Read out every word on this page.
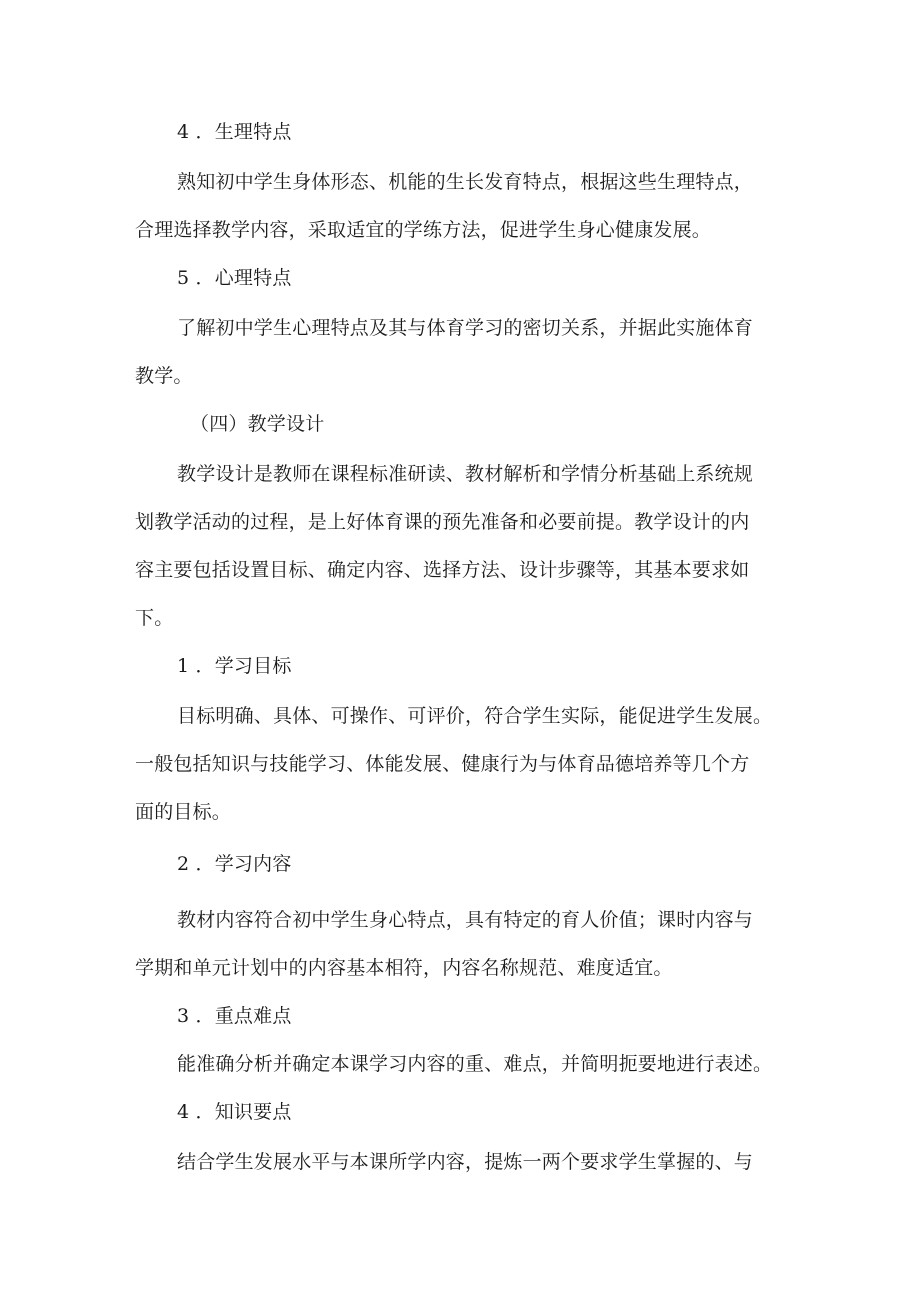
4 ．生理特点
熟知初中学生身体形态、机能的生长发育特点，根据这些生理特点，
合理选择教学内容，采取适宜的学练方法，促进学生身心健康发展。
5 ．心理特点
了解初中学生心理特点及其与体育学习的密切关系，并据此实施体育
教学。
（四）教学设计
教学设计是教师在课程标准研读、教材解析和学情分析基础上系统规
划教学活动的过程，是上好体育课的预先准备和必要前提。教学设计的内
容主要包括设置目标、确定内容、选择方法、设计步骤等，其基本要求如
下。
1 ．学习目标
目标明确、具体、可操作、可评价，符合学生实际，能促进学生发展。
一般包括知识与技能学习、体能发展、健康行为与体育品德培养等几个方
面的目标。
2 ．学习内容
教材内容符合初中学生身心特点，具有特定的育人价值；课时内容与
学期和单元计划中的内容基本相符，内容名称规范、难度适宜。
3 ．重点难点
能准确分析并确定本课学习内容的重、难点，并简明扼要地进行表述。
4 ．知识要点
结合学生发展水平与本课所学内容，提炼一两个要求学生掌握的、与
